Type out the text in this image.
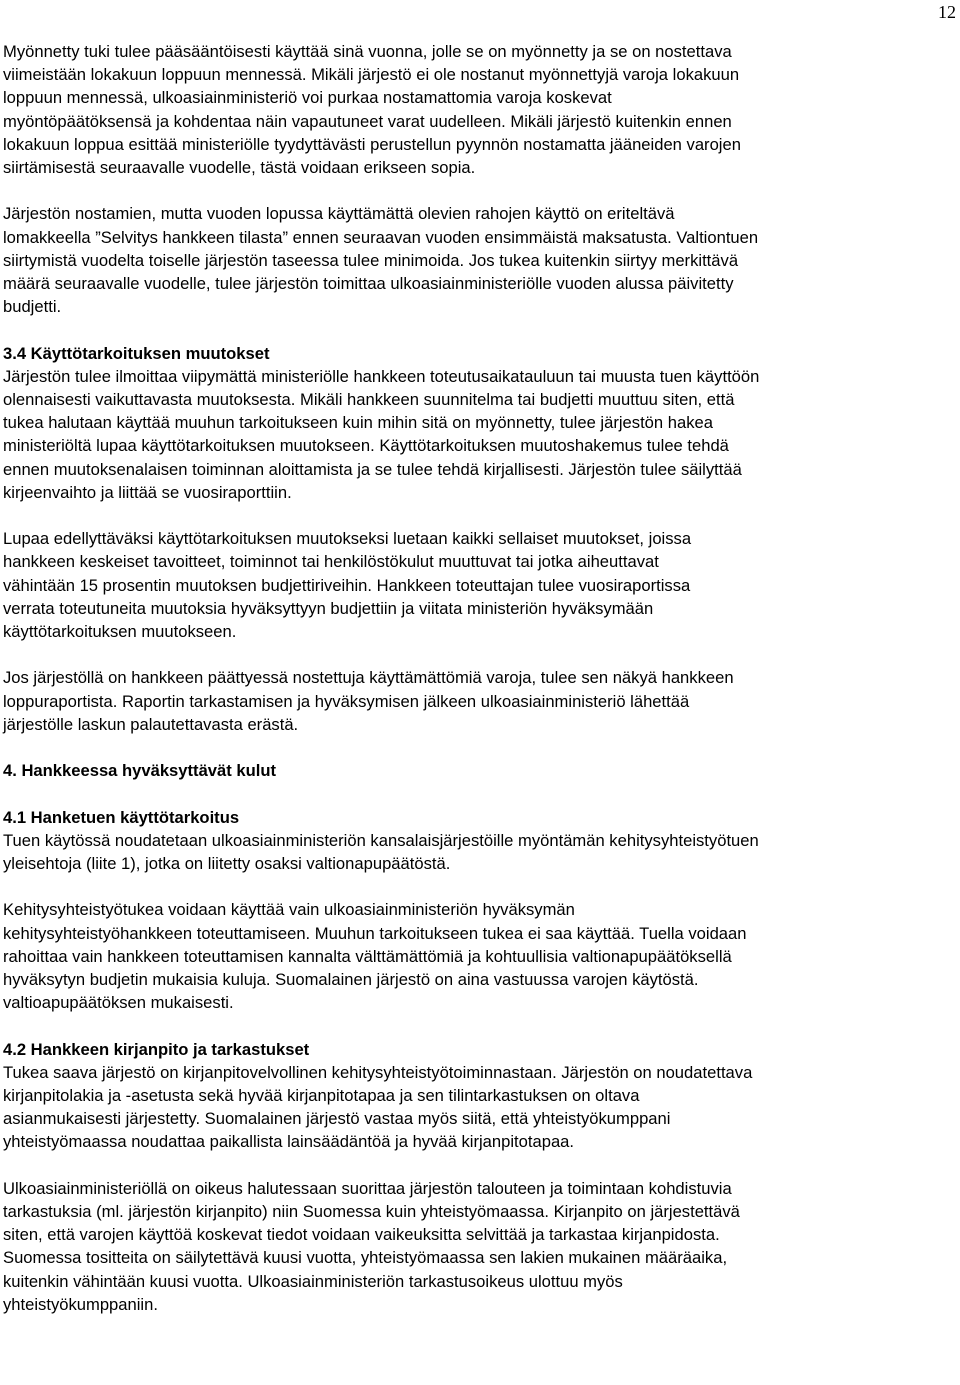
12
Myönnetty tuki tulee pääsääntöisesti käyttää sinä vuonna, jolle se on myönnetty ja se on nostettava
viimeistään lokakuun loppuun mennessä. Mikäli järjestö ei ole nostanut myönnettyjä varoja lokakuun
loppuun mennessä, ulkoasiainministeriö voi purkaa nostamattomia varoja koskevat
myöntöpäätöksensä ja kohdentaa näin vapautuneet varat uudelleen. Mikäli järjestö kuitenkin ennen
lokakuun loppua esittää ministeriölle tyydyttävästi perustellun pyynnön nostamatta jääneiden varojen
siirtämisestä seuraavalle vuodelle, tästä voidaan erikseen sopia.
Järjestön nostamien, mutta vuoden lopussa käyttämättä olevien rahojen käyttö on eriteltävä
lomakkeella ”Selvitys hankkeen tilasta” ennen seuraavan vuoden ensimmäistä maksatusta. Valtiontuen
siirtymistä vuodelta toiselle järjestön taseessa tulee minimoida. Jos tukea kuitenkin siirtyy merkittävä
määrä seuraavalle vuodelle, tulee järjestön toimittaa ulkoasiainministeriölle vuoden alussa päivitetty
budjetti.
3.4 Käyttötarkoituksen muutokset
Järjestön tulee ilmoittaa viipymättä ministeriölle hankkeen toteutusaikatauluun tai muusta tuen käyttöön
olennaisesti vaikuttavasta muutoksesta. Mikäli hankkeen suunnitelma tai budjetti muuttuu siten, että
tukea halutaan käyttää muuhun tarkoitukseen kuin mihin sitä on myönnetty, tulee järjestön hakea
ministeriöltä lupaa käyttötarkoituksen muutokseen. Käyttötarkoituksen muutoshakemus tulee tehdä
ennen muutoksenalaisen toiminnan aloittamista ja se tulee tehdä kirjallisesti. Järjestön tulee säilyttää
kirjeenvaihto ja liittää se vuosiraporttiin.
Lupaa edellyttäväksi käyttötarkoituksen muutokseksi luetaan kaikki sellaiset muutokset, joissa
hankkeen keskeiset tavoitteet, toiminnot tai henkilöstökulut muuttuvat tai jotka aiheuttavat
vähintään 15 prosentin muutoksen budjettiriveihin. Hankkeen toteuttajan tulee vuosiraportissa
verrata toteutuneita muutoksia hyväksyttyyn budjettiin ja viitata ministeriön hyväksymään
käyttötarkoituksen muutokseen.
Jos järjestöllä on hankkeen päättyessä nostettuja käyttämättömiä varoja, tulee sen näkyä hankkeen
loppuraportista. Raportin tarkastamisen ja hyväksymisen jälkeen ulkoasiainministeriö lähettää
järjestölle laskun palautettavasta erästä.
4. Hankkeessa hyväksyttävät kulut
4.1 Hanketuen käyttötarkoitus
Tuen käytössä noudatetaan ulkoasiainministeriön kansalaisjärjestöille myöntämän kehitysyhteistyötuen
yleisehtoja (liite 1), jotka on liitetty osaksi valtionapupäätöstä.
Kehitysyhteistyötukea voidaan käyttää vain ulkoasiainministeriön hyväksymän
kehitysyhteistyöhankkeen toteuttamiseen. Muuhun tarkoitukseen tukea ei saa käyttää. Tuella voidaan
rahoittaa vain hankkeen toteuttamisen kannalta välttämättömiä ja kohtuullisia valtionapupäätöksellä
hyväksytyn budjetin mukaisia kuluja. Suomalainen järjestö on aina vastuussa varojen käytöstä.
valtioapupäätöksen mukaisesti.
4.2 Hankkeen kirjanpito ja tarkastukset
Tukea saava järjestö on kirjanpitovelvollinen kehitysyhteistyötoiminnastaan. Järjestön on noudatettava
kirjanpitolakia ja -asetusta sekä hyvää kirjanpitotapaa ja sen tilintarkastuksen on oltava
asianmukaisesti järjestetty. Suomalainen järjestö vastaa myös siitä, että yhteistyökumppani
yhteistyömaassa noudattaa paikallista lainsäädäntöä ja hyvää kirjanpitotapaa.
Ulkoasiainministeriöllä on oikeus halutessaan suorittaa järjestön talouteen ja toimintaan kohdistuvia
tarkastuksia (ml. järjestön kirjanpito) niin Suomessa kuin yhteistyömaassa. Kirjanpito on järjestettävä
siten, että varojen käyttöä koskevat tiedot voidaan vaikeuksitta selvittää ja tarkastaa kirjanpidosta.
Suomessa tositteita on säilytettävä kuusi vuotta, yhteistyömaassa sen lakien mukainen määräaika,
kuitenkin vähintään kuusi vuotta. Ulkoasiainministeriön tarkastusoikeus ulottuu myös
yhteistyökumppaniin.
